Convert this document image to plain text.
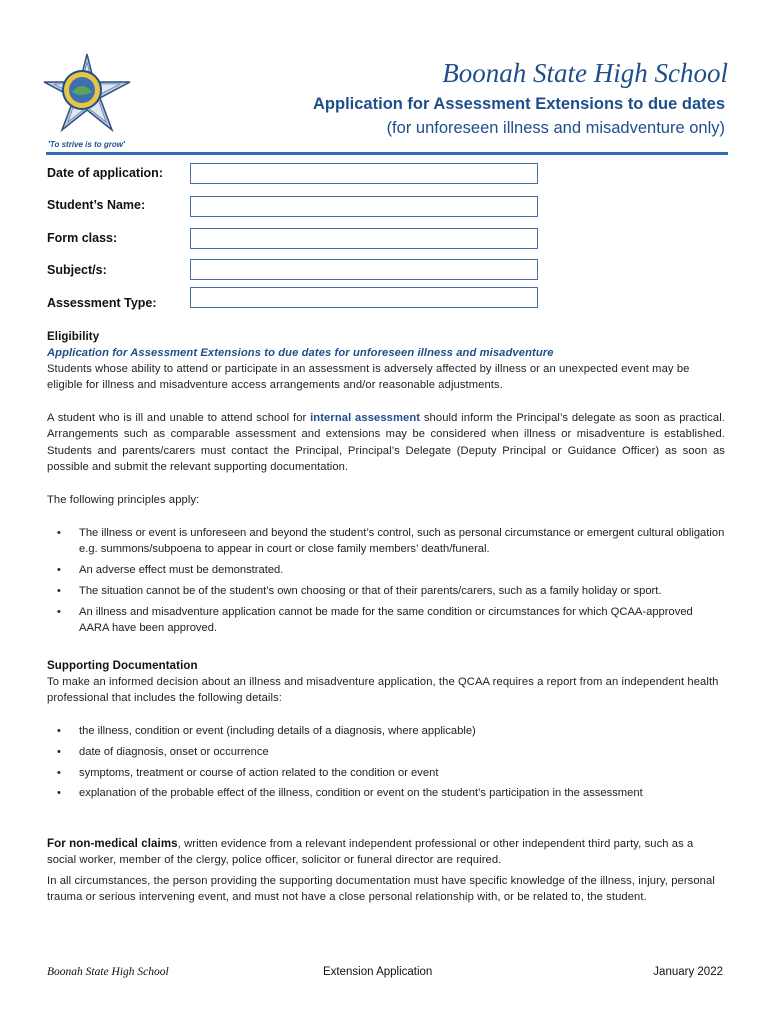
'To strive is to grow'
Boonah State High School
Application for Assessment Extensions to due dates
(for unforeseen illness and misadventure only)
Date of application:
Student’s Name:
Form class:
Subject/s:
Assessment Type:
Eligibility
Application for Assessment Extensions to due dates for unforeseen illness and misadventure
Students whose ability to attend or participate in an assessment is adversely affected by illness or an unexpected event may be eligible for illness and misadventure access arrangements and/or reasonable adjustments.
A student who is ill and unable to attend school for internal assessment should inform the Principal’s delegate as soon as practical. Arrangements such as comparable assessment and extensions may be considered when illness or misadventure is established. Students and parents/carers must contact the Principal, Principal’s Delegate (Deputy Principal or Guidance Officer) as soon as possible and submit the relevant supporting documentation.
The following principles apply:
• The illness or event is unforeseen and beyond the student’s control, such as personal circumstance or emergent cultural obligation e.g. summons/subpoena to appear in court or close family members’ death/funeral.
• An adverse effect must be demonstrated.
• The situation cannot be of the student’s own choosing or that of their parents/carers, such as a family holiday or sport.
• An illness and misadventure application cannot be made for the same condition or circumstances for which QCAA-approved AARA have been approved.
Supporting Documentation
To make an informed decision about an illness and misadventure application, the QCAA requires a report from an independent health professional that includes the following details:
• the illness, condition or event (including details of a diagnosis, where applicable)
• date of diagnosis, onset or occurrence
• symptoms, treatment or course of action related to the condition or event
• explanation of the probable effect of the illness, condition or event on the student’s participation in the assessment
For non-medical claims, written evidence from a relevant independent professional or other independent third party, such as a social worker, member of the clergy, police officer, solicitor or funeral director are required.
In all circumstances, the person providing the supporting documentation must have specific knowledge of the illness, injury, personal trauma or serious intervening event, and must not have a close personal relationship with, or be related to, the student.
Boonah State High School	Extension Application	January 2022
